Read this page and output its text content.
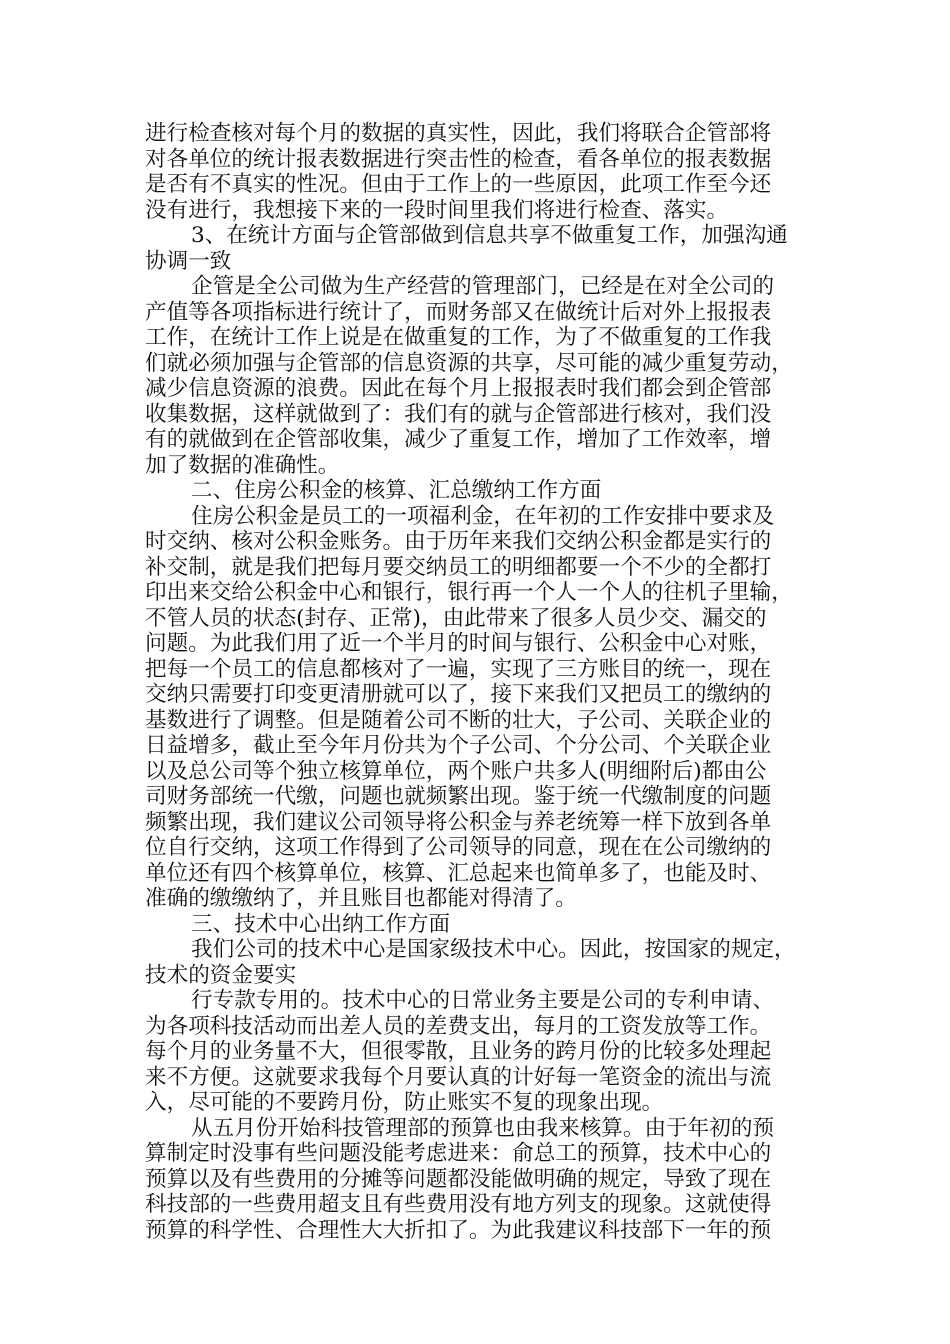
进行检查核对每个月的数据的真实性，因此，我们将联合企管部将
对各单位的统计报表数据进行突击性的检查，看各单位的报表数据
是否有不真实的性况。但由于工作上的一些原因，此项工作至今还
没有进行，我想接下来的一段时间里我们将进行检查、落实。
3、在统计方面与企管部做到信息共享不做重复工作，加强沟通
协调一致
企管是全公司做为生产经营的管理部门，已经是在对全公司的
产值等各项指标进行统计了，而财务部又在做统计后对外上报报表
工作，在统计工作上说是在做重复的工作，为了不做重复的工作我
们就必须加强与企管部的信息资源的共享，尽可能的减少重复劳动，
减少信息资源的浪费。因此在每个月上报报表时我们都会到企管部
收集数据，这样就做到了：我们有的就与企管部进行核对，我们没
有的就做到在企管部收集，减少了重复工作，增加了工作效率，增
加了数据的准确性。
二、住房公积金的核算、汇总缴纳工作方面
住房公积金是员工的一项福利金，在年初的工作安排中要求及
时交纳、核对公积金账务。由于历年来我们交纳公积金都是实行的
补交制，就是我们把每月要交纳员工的明细都要一个不少的全都打
印出来交给公积金中心和银行，银行再一个人一个人的往机子里输，
不管人员的状态(封存、正常)，由此带来了很多人员少交、漏交的
问题。为此我们用了近一个半月的时间与银行、公积金中心对账，
把每一个员工的信息都核对了一遍，实现了三方账目的统一，现在
交纳只需要打印变更清册就可以了，接下来我们又把员工的缴纳的
基数进行了调整。但是随着公司不断的壮大，子公司、关联企业的
日益增多，截止至今年月份共为个子公司、个分公司、个关联企业
以及总公司等个独立核算单位，两个账户共多人(明细附后)都由公
司财务部统一代缴，问题也就频繁出现。鉴于统一代缴制度的问题
频繁出现，我们建议公司领导将公积金与养老统筹一样下放到各单
位自行交纳，这项工作得到了公司领导的同意，现在在公司缴纳的
单位还有四个核算单位，核算、汇总起来也简单多了，也能及时、
准确的缴缴纳了，并且账目也都能对得清了。
三、技术中心出纳工作方面
我们公司的技术中心是国家级技术中心。因此，按国家的规定，
技术的资金要实
行专款专用的。技术中心的日常业务主要是公司的专利申请、
为各项科技活动而出差人员的差费支出，每月的工资发放等工作。
每个月的业务量不大，但很零散，且业务的跨月份的比较多处理起
来不方便。这就要求我每个月要认真的计好每一笔资金的流出与流
入，尽可能的不要跨月份，防止账实不复的现象出现。
从五月份开始科技管理部的预算也由我来核算。由于年初的预
算制定时没事有些问题没能考虑进来：俞总工的预算，技术中心的
预算以及有些费用的分摊等问题都没能做明确的规定，导致了现在
科技部的一些费用超支且有些费用没有地方列支的现象。这就使得
预算的科学性、合理性大大折扣了。为此我建议科技部下一年的预
